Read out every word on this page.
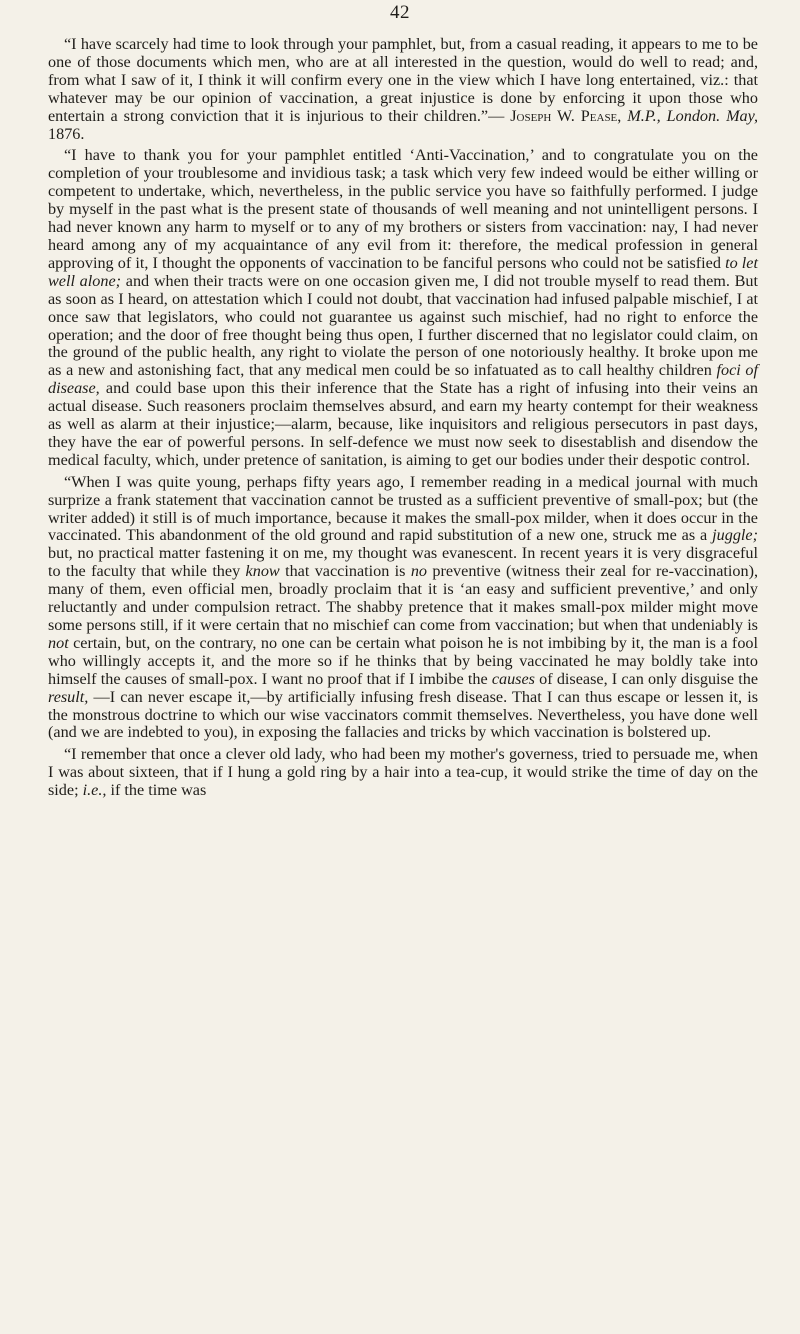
42

“I have scarcely had time to look through your pamphlet, but, from a casual reading, it appears to me to be one of those documents which men, who are at all interested in the question, would do well to read; and, from what I saw of it, I think it will confirm every one in the view which I have long entertained, viz.: that whatever may be our opinion of vaccination, a great injustice is done by enforcing it upon those who entertain a strong conviction that it is injurious to their children.”— Joseph W. Pease, M.P., London. May, 1876.

“I have to thank you for your pamphlet entitled ‘Anti-Vaccination,’ and to congratulate you on the completion of your troublesome and invidious task; a task which very few indeed would be either willing or competent to undertake, which, nevertheless, in the public service you have so faithfully performed. I judge by myself in the past what is the present state of thousands of well meaning and not unintelligent persons. I had never known any harm to myself or to any of my brothers or sisters from vaccination: nay, I had never heard among any of my acquaintance of any evil from it: therefore, the medical profession in general approving of it, I thought the opponents of vaccination to be fanciful persons who could not be satisfied to let well alone; and when their tracts were on one occasion given me, I did not trouble myself to read them. But as soon as I heard, on attestation which I could not doubt, that vaccination had infused palpable mischief, I at once saw that legislators, who could not guarantee us against such mischief, had no right to enforce the operation; and the door of free thought being thus open, I further discerned that no legislator could claim, on the ground of the public health, any right to violate the person of one notoriously healthy. It broke upon me as a new and astonishing fact, that any medical men could be so infatuated as to call healthy children foci of disease, and could base upon this their inference that the State has a right of infusing into their veins an actual disease. Such reasoners proclaim themselves absurd, and earn my hearty contempt for their weakness as well as alarm at their injustice;—alarm, because, like inquisitors and religious persecutors in past days, they have the ear of powerful persons. In self-defence we must now seek to disestablish and disendow the medical faculty, which, under pretence of sanitation, is aiming to get our bodies under their despotic control.

“When I was quite young, perhaps fifty years ago, I remember reading in a medical journal with much surprize a frank statement that vaccination cannot be trusted as a sufficient preventive of small-pox; but (the writer added) it still is of much importance, because it makes the small-pox milder, when it does occur in the vaccinated. This abandonment of the old ground and rapid substitution of a new one, struck me as a juggle; but, no practical matter fastening it on me, my thought was evanescent. In recent years it is very disgraceful to the faculty that while they know that vaccination is no preventive (witness their zeal for re-vaccination), many of them, even official men, broadly proclaim that it is ‘an easy and sufficient preventive,’ and only reluctantly and under compulsion retract. The shabby pretence that it makes small-pox milder might move some persons still, if it were certain that no mischief can come from vaccination; but when that undeniably is not certain, but, on the contrary, no one can be certain what poison he is not imbibing by it, the man is a fool who willingly accepts it, and the more so if he thinks that by being vaccinated he may boldly take into himself the causes of small-pox. I want no proof that if I imbibe the causes of disease, I can only disguise the result, —I can never escape it,—by artificially infusing fresh disease. That I can thus escape or lessen it, is the monstrous doctrine to which our wise vaccinators commit themselves. Nevertheless, you have done well (and we are indebted to you), in exposing the fallacies and tricks by which vaccination is bolstered up.

“I remember that once a clever old lady, who had been my mother's governess, tried to persuade me, when I was about sixteen, that if I hung a gold ring by a hair into a tea-cup, it would strike the time of day on the side; i.e., if the time was
